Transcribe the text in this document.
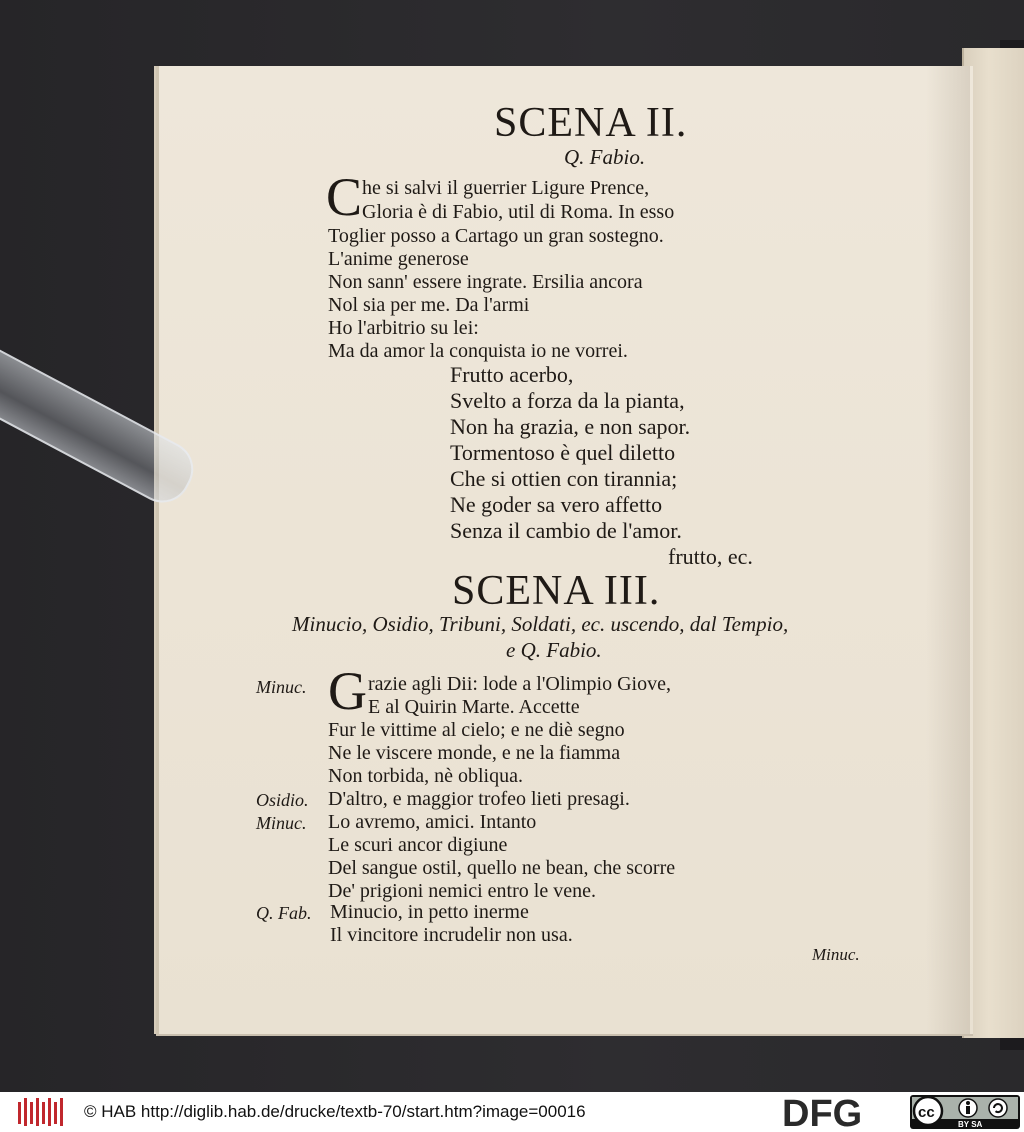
SCENA II.
Q. Fabio.
C he si salvi il guerrier Ligure Prence,
Gloria è di Fabio, util di Roma. In esso
Toglier posso a Cartago un gran sostegno.
L'anime generose
Non sann' essere ingrate. Ersilia ancora
Nol sia per me. Da l'armi
Ho l'arbitrio su lei:
Ma da amor la conquista io ne vorrei.
Frutto acerbo,
Svelto a forza da la pianta,
Non ha grazia, e non sapor.
Tormentoso è quel diletto
Che si ottien con tirannia;
Ne goder sa vero affetto
Senza il cambio de l'amor.
frutto, ec.
SCENA III.
Minucio, Osidio, Tribuni, Soldati, ec. uscendo, dal Tempio,
e Q. Fabio.
Minuc. G razie agli Dii: lode a l'Olimpio Giove,
E al Quirin Marte. Accette
Fur le vittime al cielo; e ne diè segno
Ne le viscere monde, e ne la fiamma
Non torbida, nè obliqua.
Osidio. D'altro, e maggior trofeo lieti presagi.
Minuc. Lo avremo, amici. Intanto
Le scuri ancor digiune
Del sangue ostil, quello ne bean, che scorre
De' prigioni nemici entro le vene.
Q. Fab. Minucio, in petto inerme
Il vincitore incrudelir non usa.
Minuc.
© HAB http://diglib.hab.de/drucke/textb-70/start.htm?image=00016	DFG	cc
BY SA
